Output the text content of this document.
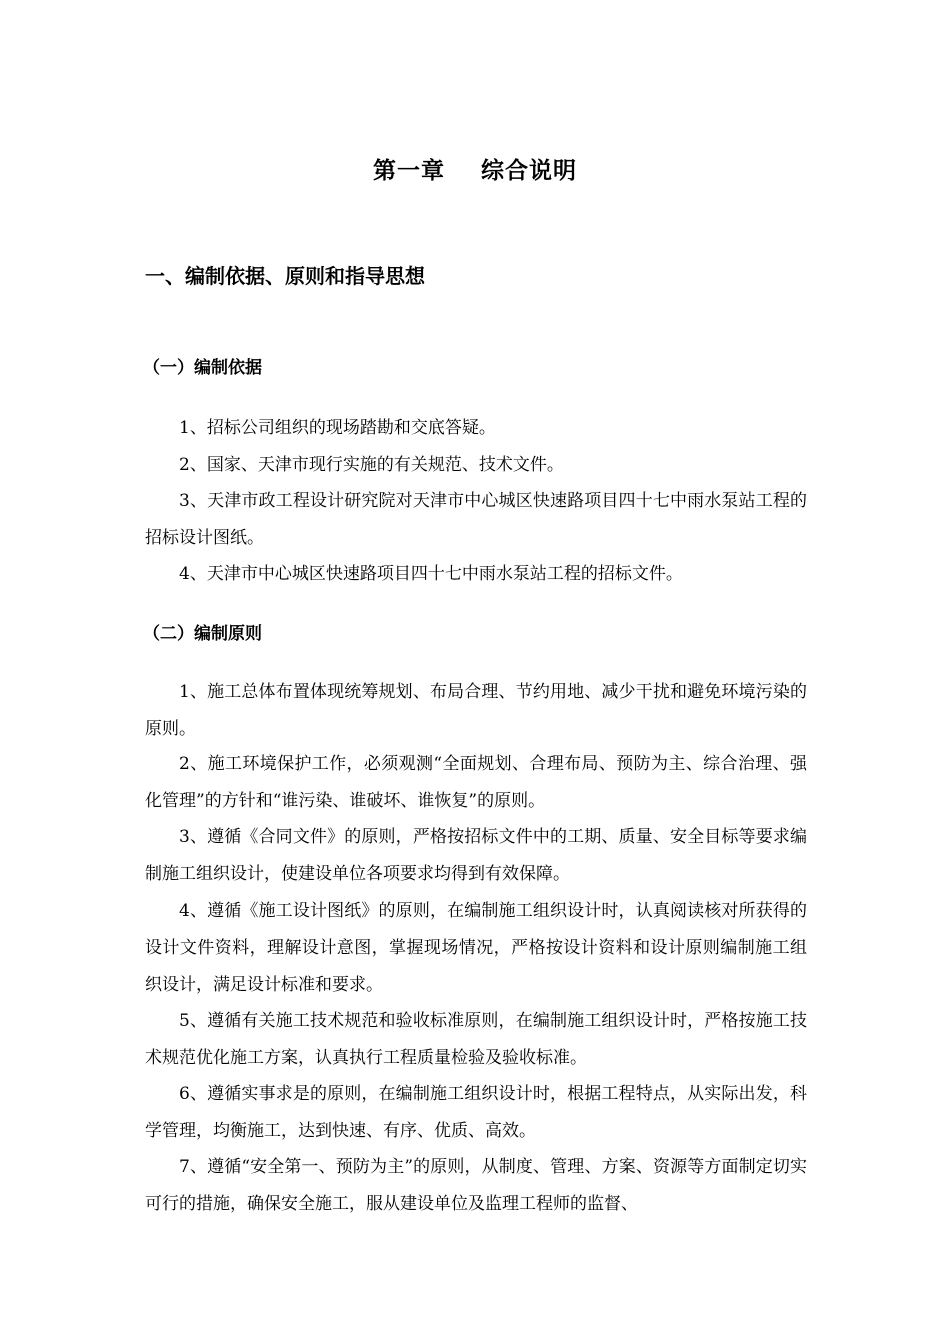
第一章    综合说明
一、编制依据、原则和指导思想
（一）编制依据

1、招标公司组织的现场踏勘和交底答疑。

2、国家、天津市现行实施的有关规范、技术文件。

3、天津市政工程设计研究院对天津市中心城区快速路项目四十七中雨水泵站工程的招标设计图纸。

4、天津市中心城区快速路项目四十七中雨水泵站工程的招标文件。

（二）编制原则

1、施工总体布置体现统筹规划、布局合理、节约用地、减少干扰和避免环境污染的原则。

2、施工环境保护工作，必须观测“全面规划、合理布局、预防为主、综合治理、强化管理”的方针和“谁污染、谁破坏、谁恢复”的原则。

3、遵循《合同文件》的原则，严格按招标文件中的工期、质量、安全目标等要求编制施工组织设计，使建设单位各项要求均得到有效保障。

4、遵循《施工设计图纸》的原则，在编制施工组织设计时，认真阅读核对所获得的设计文件资料，理解设计意图，掌握现场情况，严格按设计资料和设计原则编制施工组织设计，满足设计标准和要求。

5、遵循有关施工技术规范和验收标准原则，在编制施工组织设计时，严格按施工技术规范优化施工方案，认真执行工程质量检验及验收标准。

6、遵循实事求是的原则，在编制施工组织设计时，根据工程特点，从实际出发，科学管理，均衡施工，达到快速、有序、优质、高效。

7、遵循“安全第一、预防为主”的原则，从制度、管理、方案、资源等方面制定切实可行的措施，确保安全施工，服从建设单位及监理工程师的监督、
